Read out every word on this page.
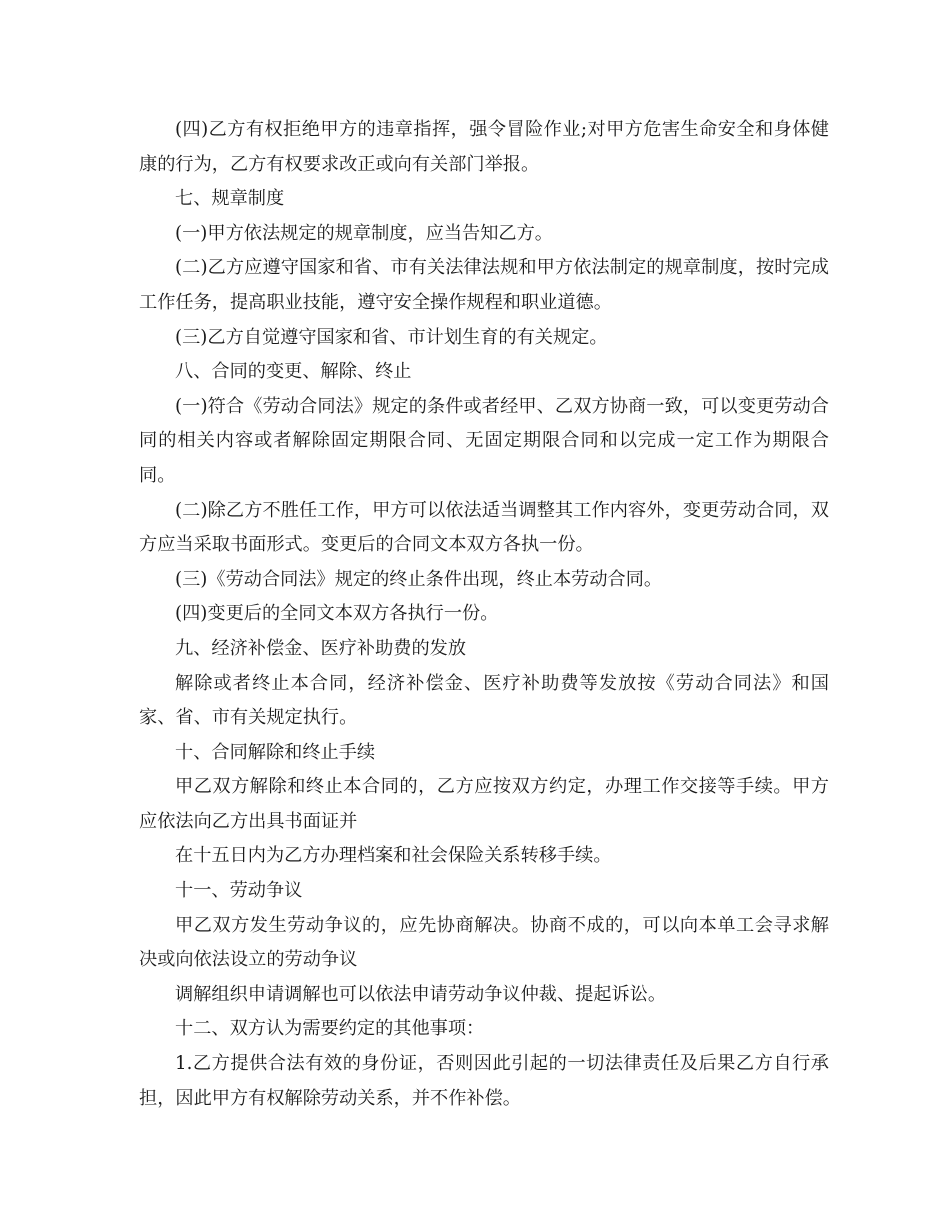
(四)乙方有权拒绝甲方的违章指挥，强令冒险作业;对甲方危害生命安全和身体健康的行为，乙方有权要求改正或向有关部门举报。

七、规章制度

(一)甲方依法规定的规章制度，应当告知乙方。

(二)乙方应遵守国家和省、市有关法律法规和甲方依法制定的规章制度，按时完成工作任务，提高职业技能，遵守安全操作规程和职业道德。

(三)乙方自觉遵守国家和省、市计划生育的有关规定。

八、合同的变更、解除、终止

(一)符合《劳动合同法》规定的条件或者经甲、乙双方协商一致，可以变更劳动合同的相关内容或者解除固定期限合同、无固定期限合同和以完成一定工作为期限合同。

(二)除乙方不胜任工作，甲方可以依法适当调整其工作内容外，变更劳动合同，双方应当采取书面形式。变更后的合同文本双方各执一份。

(三)《劳动合同法》规定的终止条件出现，终止本劳动合同。

(四)变更后的全同文本双方各执行一份。

九、经济补偿金、医疗补助费的发放

解除或者终止本合同，经济补偿金、医疗补助费等发放按《劳动合同法》和国家、省、市有关规定执行。

十、合同解除和终止手续

甲乙双方解除和终止本合同的，乙方应按双方约定，办理工作交接等手续。甲方应依法向乙方出具书面证并

在十五日内为乙方办理档案和社会保险关系转移手续。

十一、劳动争议

甲乙双方发生劳动争议的，应先协商解决。协商不成的，可以向本单工会寻求解决或向依法设立的劳动争议

调解组织申请调解也可以依法申请劳动争议仲裁、提起诉讼。

十二、双方认为需要约定的其他事项：

1.乙方提供合法有效的身份证，否则因此引起的一切法律责任及后果乙方自行承担，因此甲方有权解除劳动关系，并不作补偿。
